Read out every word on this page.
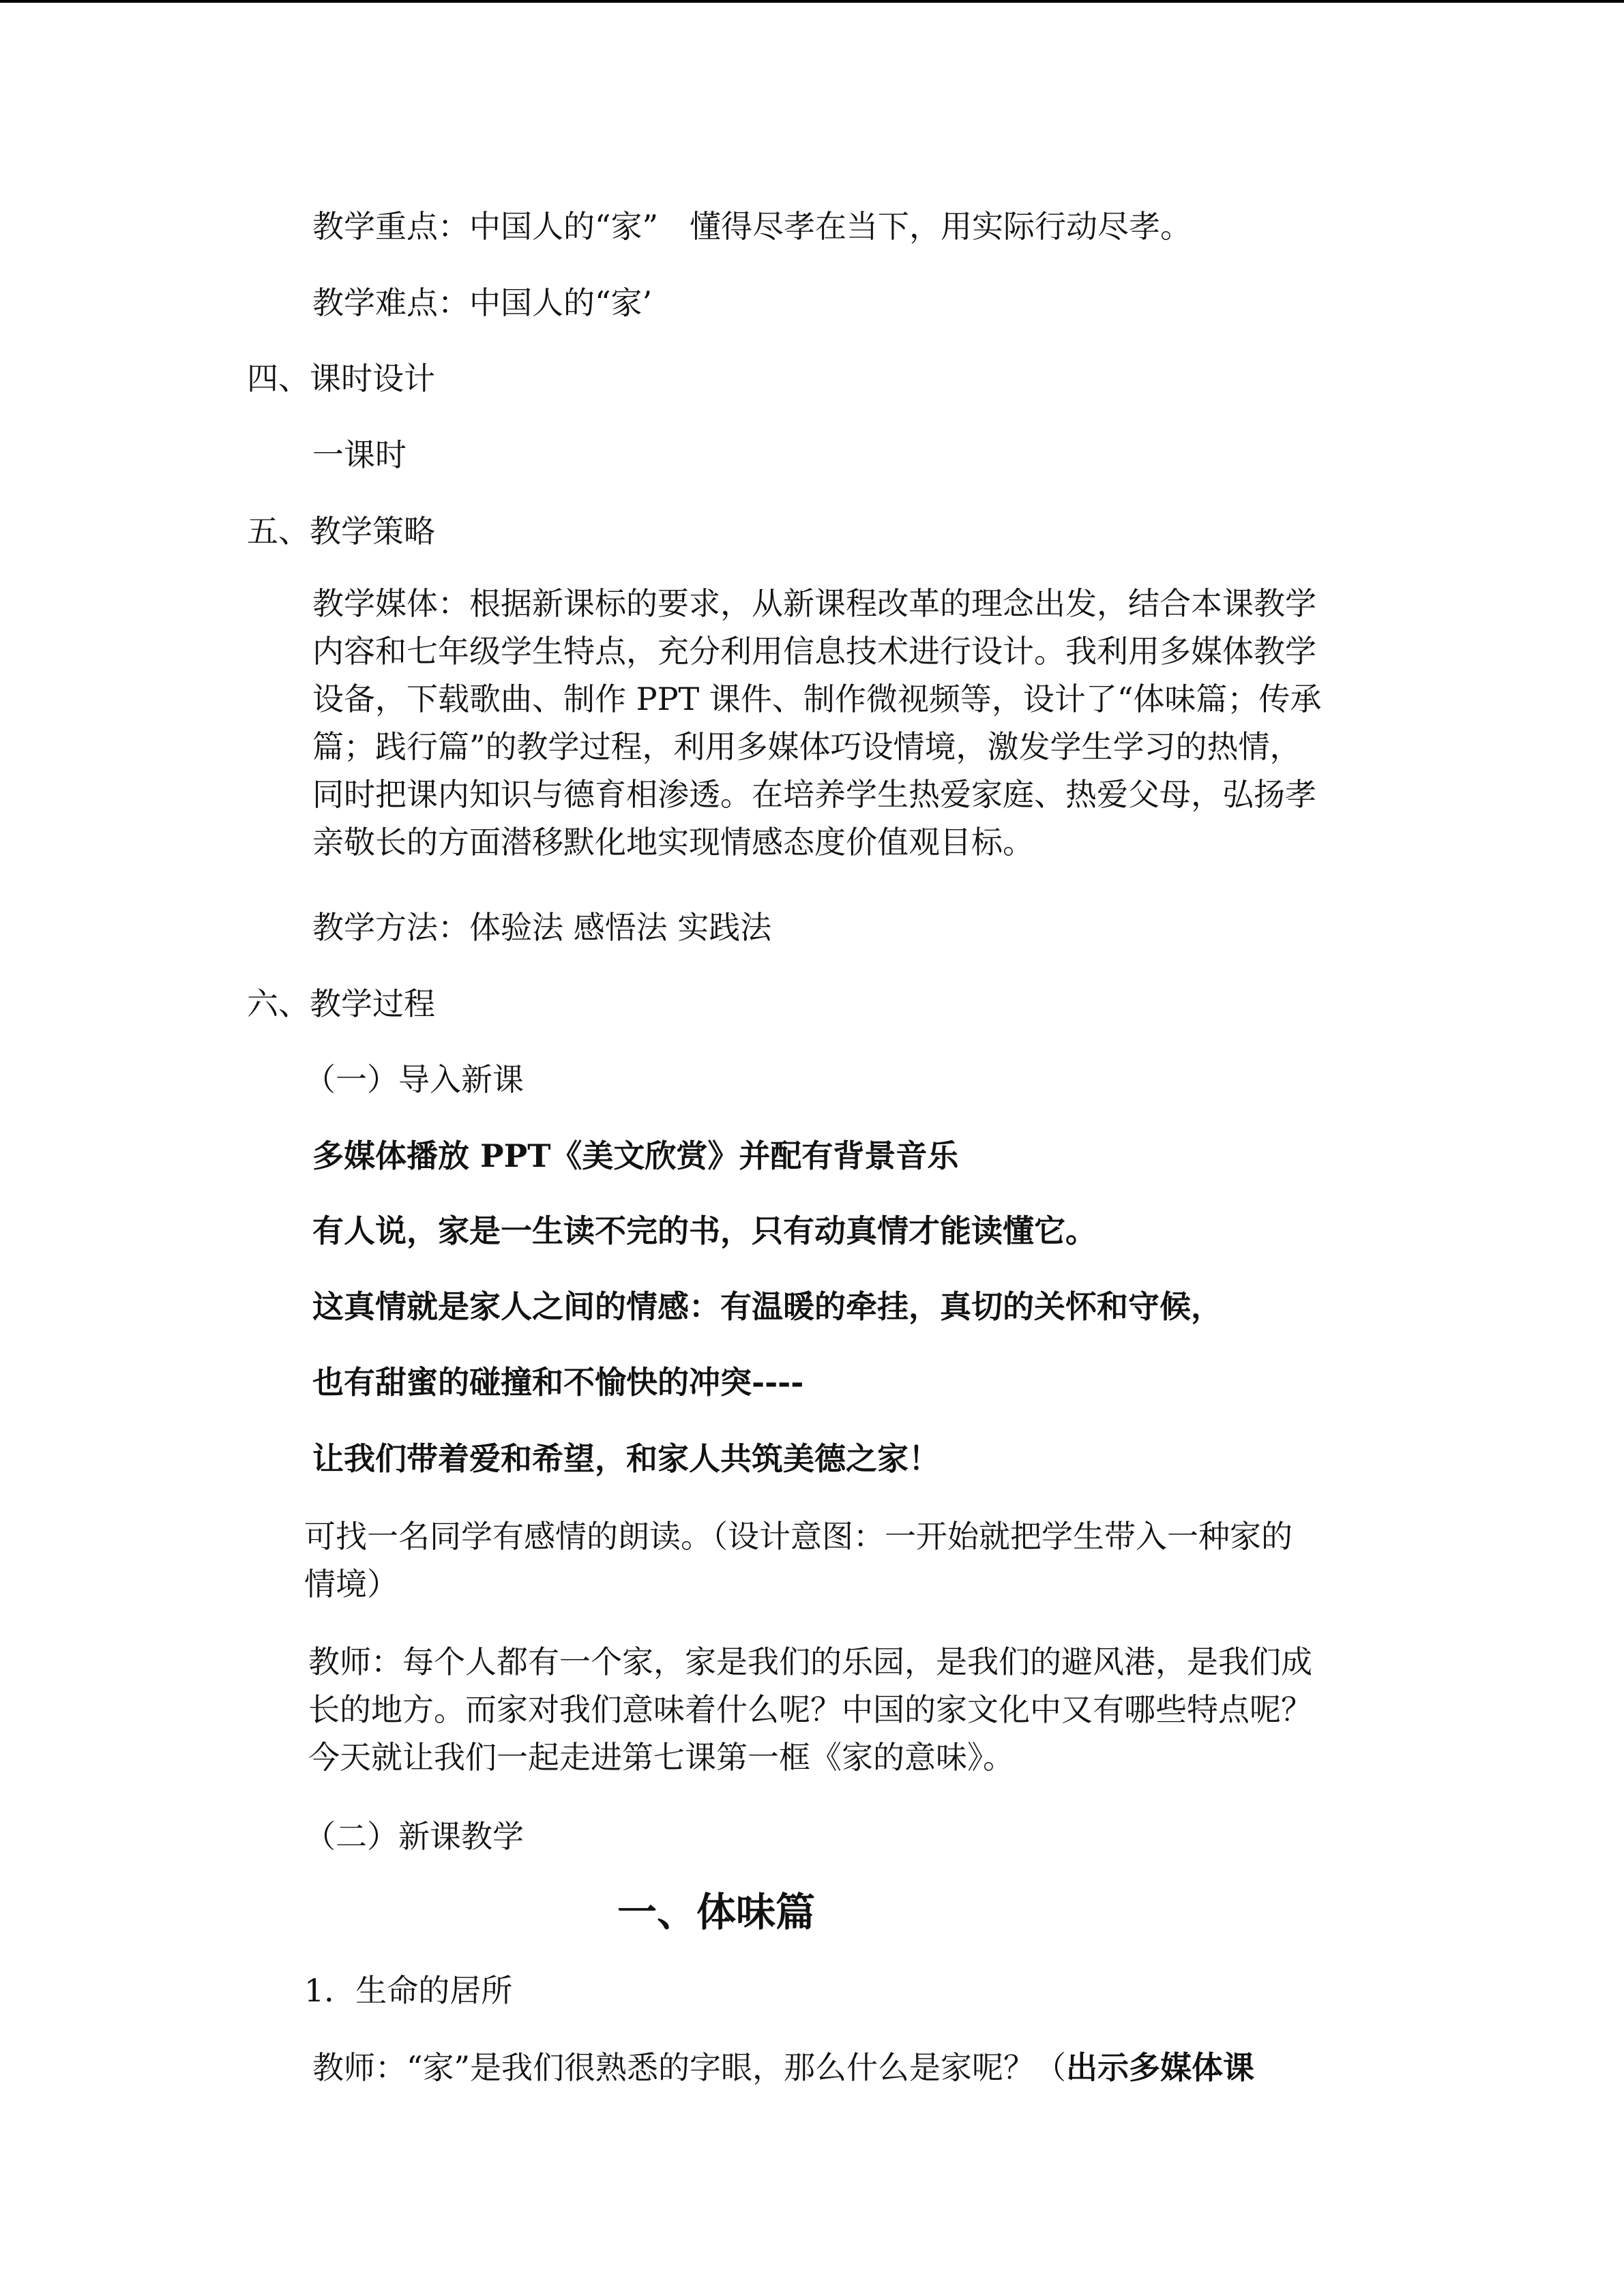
教学重点：中国人的“家”　懂得尽孝在当下，用实际行动尽孝。

教学难点：中国人的“家’

四、课时设计

一课时

五、教学策略

教学媒体：根据新课标的要求，从新课程改革的理念出发，结合本课教学
内容和七年级学生特点，充分利用信息技术进行设计。我利用多媒体教学
设备，下载歌曲、制作 PPT 课件、制作微视频等，设计了“体味篇；传承
篇；践行篇”的教学过程，利用多媒体巧设情境，激发学生学习的热情，
同时把课内知识与德育相渗透。在培养学生热爱家庭、热爱父母，弘扬孝
亲敬长的方面潜移默化地实现情感态度价值观目标。

教学方法：体验法 感悟法 实践法

六、教学过程

（一）导入新课

多媒体播放 PPT《美文欣赏》并配有背景音乐

有人说，家是一生读不完的书，只有动真情才能读懂它。

这真情就是家人之间的情感：有温暖的牵挂，真切的关怀和守候，

也有甜蜜的碰撞和不愉快的冲突----

让我们带着爱和希望，和家人共筑美德之家！

可找一名同学有感情的朗读。（设计意图：一开始就把学生带入一种家的
情境）
教师：每个人都有一个家，家是我们的乐园，是我们的避风港，是我们成
长的地方。而家对我们意味着什么呢？中国的家文化中又有哪些特点呢？
今天就让我们一起走进第七课第一框《家的意味》。

（二）新课教学

一、体味篇

1．生命的居所

教师：“家”是我们很熟悉的字眼，那么什么是家呢？（出示多媒体课
